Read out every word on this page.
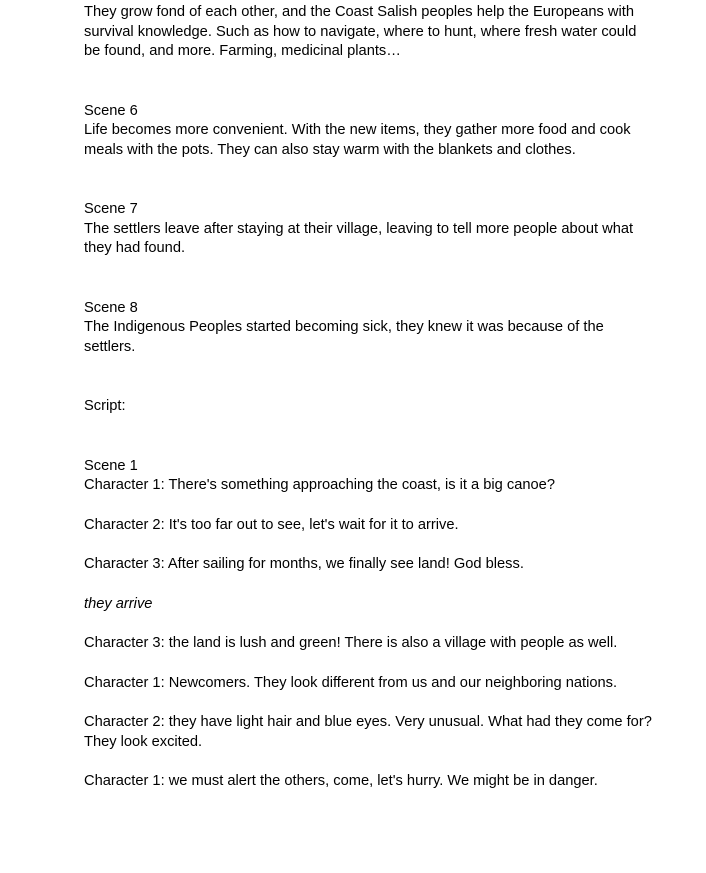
They grow fond of each other, and the Coast Salish peoples help the Europeans with survival knowledge. Such as how to navigate, where to hunt, where fresh water could be found, and more. Farming, medicinal plants…

Scene 6

Life becomes more convenient. With the new items, they gather more food and cook meals with the pots. They can also stay warm with the blankets and clothes.

Scene 7

The settlers leave after staying at their village, leaving to tell more people about what they had found.

Scene 8

The Indigenous Peoples started becoming sick, they knew it was because of the settlers.

Script:

Scene 1

Character 1: There's something approaching the coast, is it a big canoe?

Character 2: It's too far out to see, let's wait for it to arrive.

Character 3: After sailing for months, we finally see land! God bless.

they arrive

Character 3: the land is lush and green! There is also a village with people as well.

Character 1: Newcomers. They look different from us and our neighboring nations.

Character 2: they have light hair and blue eyes. Very unusual. What had they come for? They look excited.

Character 1: we must alert the others, come, let's hurry. We might be in danger.
